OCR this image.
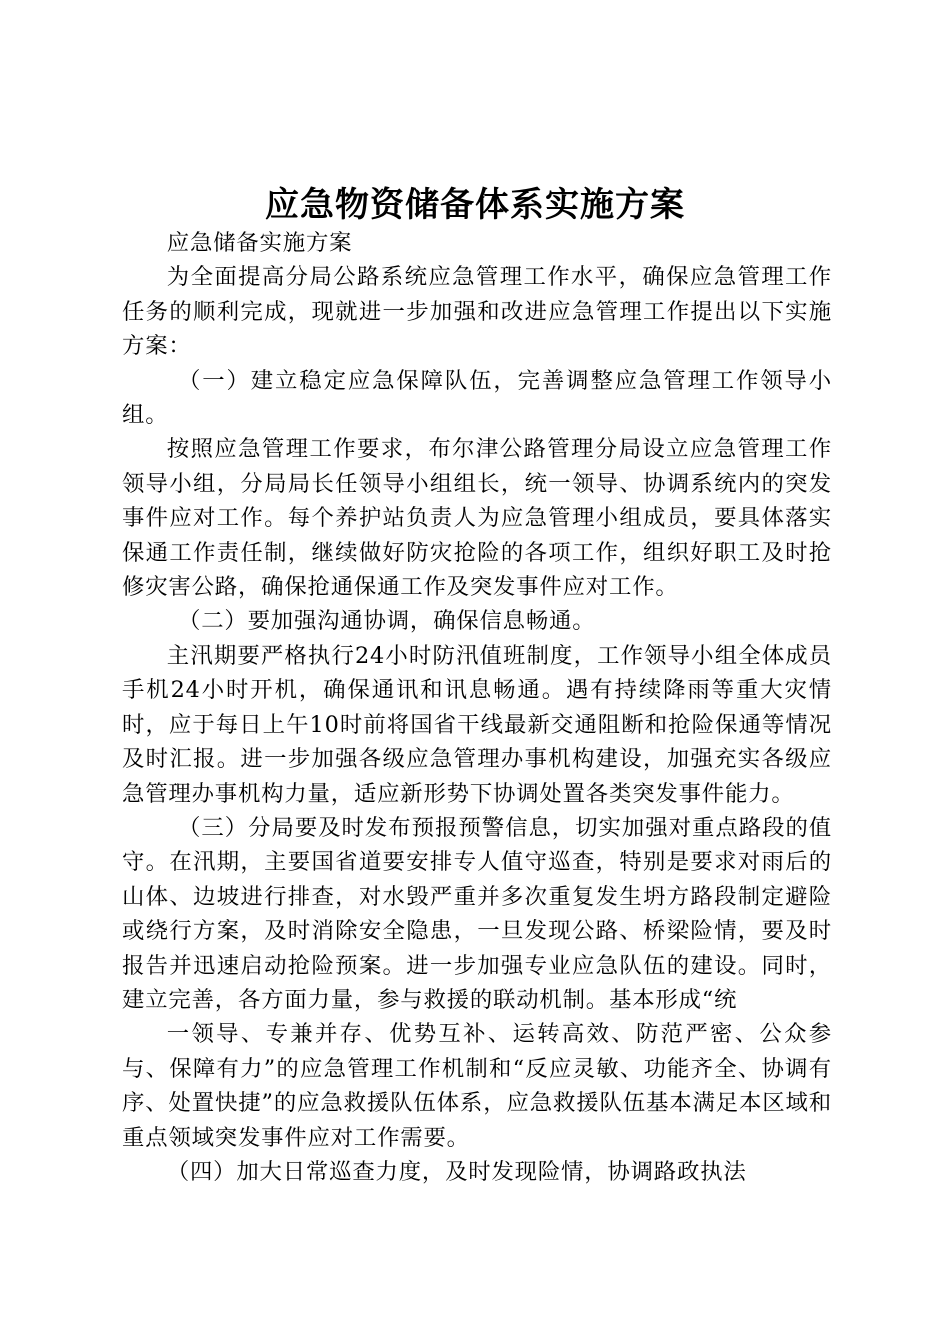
应急物资储备体系实施方案

应急储备实施方案

为全面提高分局公路系统应急管理工作水平，确保应急管理工作任务的顺利完成，现就进一步加强和改进应急管理工作提出以下实施方案：

（一）建立稳定应急保障队伍，完善调整应急管理工作领导小组。

按照应急管理工作要求，布尔津公路管理分局设立应急管理工作领导小组，分局局长任领导小组组长，统一领导、协调系统内的突发事件应对工作。每个养护站负责人为应急管理小组成员，要具体落实保通工作责任制，继续做好防灾抢险的各项工作，组织好职工及时抢修灾害公路，确保抢通保通工作及突发事件应对工作。

（二）要加强沟通协调，确保信息畅通。

主汛期要严格执行24小时防汛值班制度，工作领导小组全体成员手机24小时开机，确保通讯和讯息畅通。遇有持续降雨等重大灾情时，应于每日上午10时前将国省干线最新交通阻断和抢险保通等情况及时汇报。进一步加强各级应急管理办事机构建设，加强充实各级应急管理办事机构力量，适应新形势下协调处置各类突发事件能力。

（三）分局要及时发布预报预警信息，切实加强对重点路段的值守。在汛期，主要国省道要安排专人值守巡查，特别是要求对雨后的山体、边坡进行排查，对水毁严重并多次重复发生坍方路段制定避险或绕行方案，及时消除安全隐患，一旦发现公路、桥梁险情，要及时报告并迅速启动抢险预案。进一步加强专业应急队伍的建设。同时，建立完善，各方面力量，参与救援的联动机制。基本形成“统

一领导、专兼并存、优势互补、运转高效、防范严密、公众参与、保障有力”的应急管理工作机制和“反应灵敏、功能齐全、协调有序、处置快捷”的应急救援队伍体系，应急救援队伍基本满足本区域和重点领域突发事件应对工作需要。

（四）加大日常巡查力度，及时发现险情，协调路政执法
